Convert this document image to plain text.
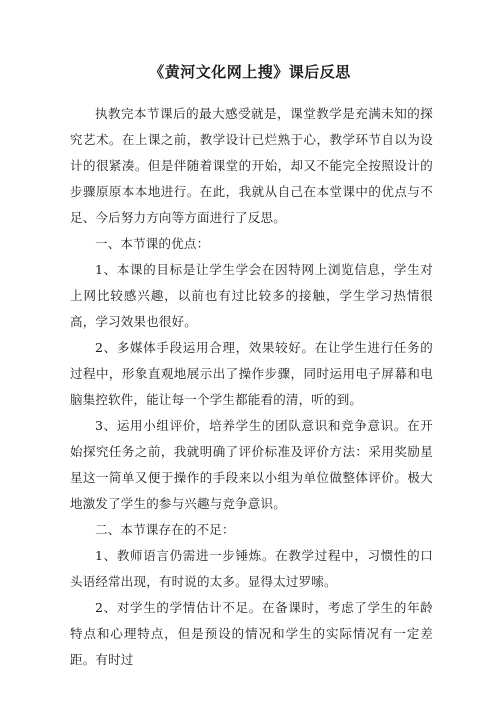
《黄河文化网上搜》课后反思

执教完本节课后的最大感受就是，课堂教学是充满未知的探究艺术。在上课之前，教学设计已烂熟于心，教学环节自以为设计的很紧凑。但是伴随着课堂的开始，却又不能完全按照设计的步骤原原本本地进行。在此，我就从自己在本堂课中的优点与不足、今后努力方向等方面进行了反思。

一、本节课的优点：

1、本课的目标是让学生学会在因特网上浏览信息，学生对上网比较感兴趣，以前也有过比较多的接触，学生学习热情很高，学习效果也很好。

2、多媒体手段运用合理，效果较好。在让学生进行任务的过程中，形象直观地展示出了操作步骤，同时运用电子屏幕和电脑集控软件，能让每一个学生都能看的清，听的到。

3、运用小组评价，培养学生的团队意识和竞争意识。在开始探究任务之前，我就明确了评价标准及评价方法：采用奖励星星这一简单又便于操作的手段来以小组为单位做整体评价。极大地激发了学生的参与兴趣与竞争意识。

二、本节课存在的不足：

1、教师语言仍需进一步锤炼。在教学过程中，习惯性的口头语经常出现，有时说的太多。显得太过罗嗦。

2、对学生的学情估计不足。在备课时，考虑了学生的年龄特点和心理特点，但是预设的情况和学生的实际情况有一定差距。有时过
